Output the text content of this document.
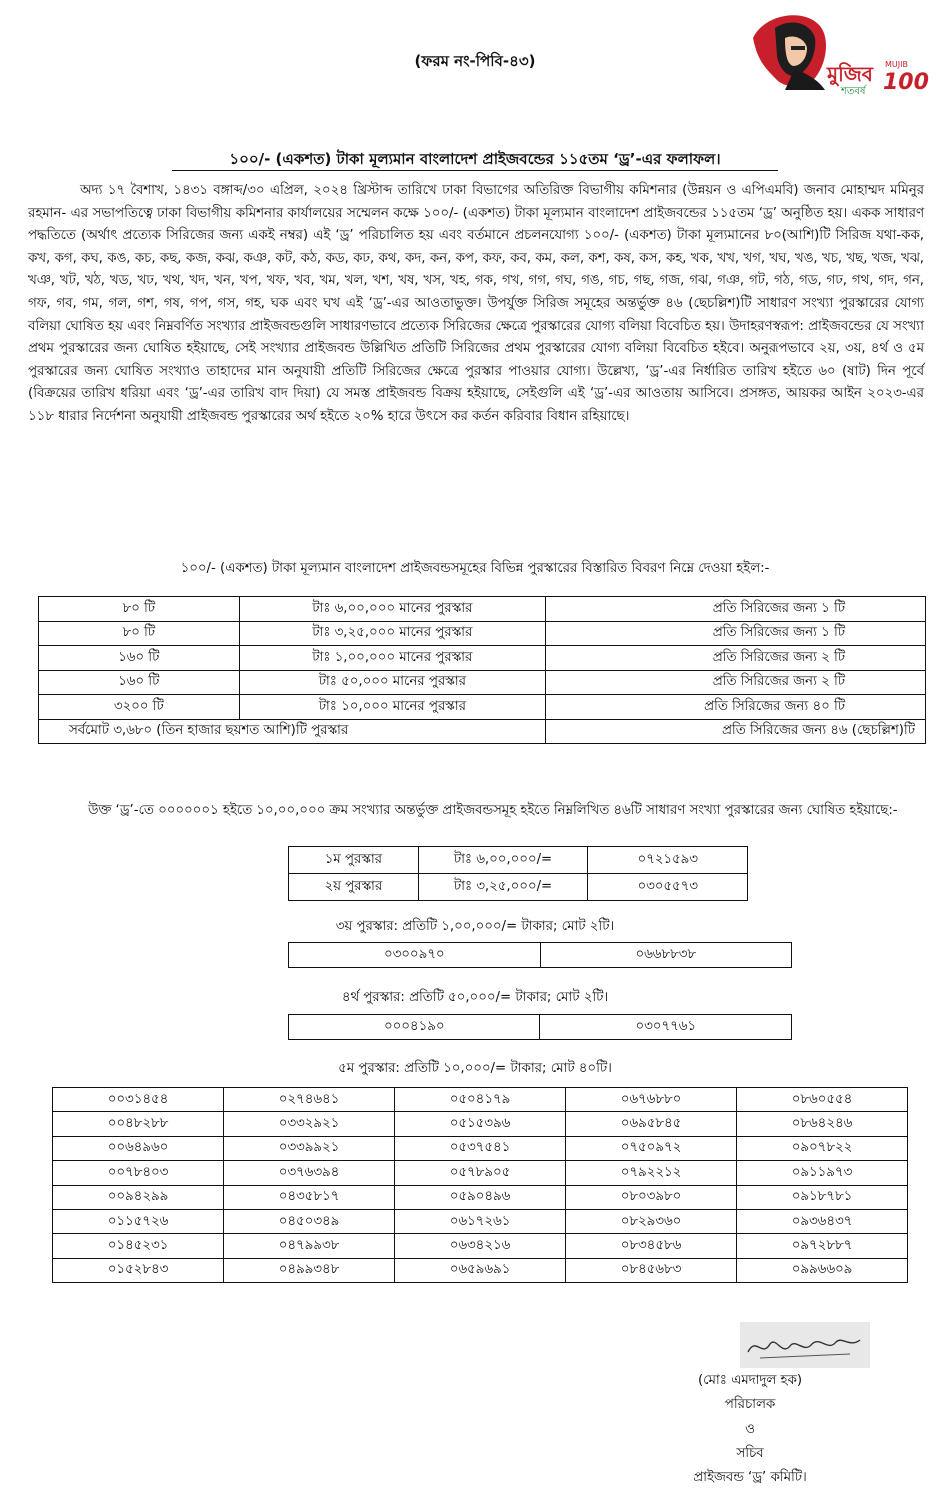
(ফরম নং-পিবি-৪৩)
মুজিব
শতবর্ষ
MUJIB
100
১০০/- (একশত) টাকা মূল্যমান বাংলাদেশ প্রাইজবন্ডের ১১৫তম ‘ড্র’-এর ফলাফল।

অদ্য ১৭ বৈশাখ, ১৪৩১ বঙ্গাব্দ/৩০ এপ্রিল, ২০২৪ খ্রিস্টাব্দ তারিখে ঢাকা বিভাগের অতিরিক্ত বিভাগীয় কমিশনার (উন্নয়ন ও এপিএমবি) জনাব মোহাম্মদ মমিনুর রহমান- এর সভাপতিত্বে ঢাকা বিভাগীয় কমিশনার কার্যালয়ের সম্মেলন কক্ষে ১০০/- (একশত) টাকা মূল্যমান বাংলাদেশ প্রাইজবন্ডের ১১৫তম ‘ড্র’ অনুষ্ঠিত হয়। একক সাধারণ পদ্ধতিতে (অর্থাৎ প্রত্যেক সিরিজের জন্য একই নম্বর) এই ‘ড্র’ পরিচালিত হয় এবং বর্তমানে প্রচলনযোগ্য ১০০/- (একশত) টাকা মূল্যমানের ৮০(আশি)টি সিরিজ যথা-কক, কখ, কগ, কঘ, কঙ, কচ, কছ, কজ, কঝ, কঞ, কট, কঠ, কড, কঢ, কথ, কদ, কন, কপ, কফ, কব, কম, কল, কশ, কষ, কস, কহ, খক, খখ, খগ, খঘ, খঙ, খচ, খছ, খজ, খঝ, খঞ, খট, খঠ, খড, খঢ, খথ, খদ, খন, খপ, খফ, খব, খম, খল, খশ, খষ, খস, খহ, গক, গখ, গগ, গঘ, গঙ, গচ, গছ, গজ, গঝ, গঞ, গট, গঠ, গড, গঢ, গথ, গদ, গন, গফ, গব, গম, গল, গশ, গষ, গপ, গস, গহ, ঘক এবং ঘখ এই ‘ড্র’-এর আওতাভুক্ত। উপর্যুক্ত সিরিজ সমূহের অন্তর্ভুক্ত ৪৬ (ছেচল্লিশ)টি সাধারণ সংখ্যা পুরস্কারের যোগ্য বলিয়া ঘোষিত হয় এবং নিম্নবর্ণিত সংখ্যার প্রাইজবন্ডগুলি সাধারণভাবে প্রত্যেক সিরিজের ক্ষেত্রে পুরস্কারের যোগ্য বলিয়া বিবেচিত হয়। উদাহরণস্বরূপ: প্রাইজবন্ডের যে সংখ্যা প্রথম পুরস্কারের জন্য ঘোষিত হইয়াছে, সেই সংখ্যার প্রাইজবন্ড উল্লিখিত প্রতিটি সিরিজের প্রথম পুরস্কারের যোগ্য বলিয়া বিবেচিত হইবে। অনুরূপভাবে ২য়, ৩য়, ৪র্থ ও ৫ম পুরস্কারের জন্য ঘোষিত সংখ্যাও তাহাদের মান অনুযায়ী প্রতিটি সিরিজের ক্ষেত্রে পুরস্কার পাওয়ার যোগ্য। উল্লেখ্য, ‘ড্র’-এর নির্ধারিত তারিখ হইতে ৬০ (ষাট) দিন পূর্বে (বিক্রয়ের তারিখ ধরিয়া এবং ‘ড্র’-এর তারিখ বাদ দিয়া) যে সমস্ত প্রাইজবন্ড বিক্রয় হইয়াছে, সেইগুলি এই ‘ড্র’-এর আওতায় আসিবে। প্রসঙ্গত, আয়কর আইন ২০২৩-এর ১১৮ ধারার নির্দেশনা অনুযায়ী প্রাইজবন্ড পুরস্কারের অর্থ হইতে ২০% হারে উৎসে কর কর্তন করিবার বিধান রহিয়াছে।

১০০/- (একশত) টাকা মূল্যমান বাংলাদেশ প্রাইজবন্ডসমূহের বিভিন্ন পুরস্কারের বিস্তারিত বিবরণ নিম্নে দেওয়া হইল:-
৮০ টি	টাঃ ৬,০০,০০০ মানের পুরস্কার	প্রতি সিরিজের জন্য ১ টি
৮০ টি	টাঃ ৩,২৫,০০০ মানের পুরস্কার	প্রতি সিরিজের জন্য ১ টি
১৬০ টি	টাঃ ১,০০,০০০ মানের পুরস্কার	প্রতি সিরিজের জন্য ২ টি
১৬০ টি	টাঃ ৫০,০০০ মানের পুরস্কার	প্রতি সিরিজের জন্য ২ টি
৩২০০ টি	টাঃ ১০,০০০ মানের পুরস্কার	প্রতি সিরিজের জন্য ৪০ টি
সর্বমোট ৩,৬৮০ (তিন হাজার ছয়শত আশি)টি পুরস্কার		প্রতি সিরিজের জন্য ৪৬ (ছেচল্লিশ)টি

উক্ত ‘ড্র’-তে ০০০০০০১ হইতে ১০,০০,০০০ ক্রম সংখ্যার অন্তর্ভুক্ত প্রাইজবন্ডসমূহ হইতে নিম্নলিখিত ৪৬টি সাধারণ সংখ্যা পুরস্কারের জন্য ঘোষিত হইয়াছে:-

১ম পুরস্কার	টাঃ ৬,০০,০০০/=	০৭২১৫৯৩
২য় পুরস্কার	টাঃ ৩,২৫,০০০/=	০৩০৫৫৭৩
৩য় পুরস্কার: প্রতিটি ১,০০,০০০/= টাকার; মোট ২টি।
০৩০০৯৭০	০৬৬৮৮৩৮
৪র্থ পুরস্কার: প্রতিটি ৫০,০০০/= টাকার; মোট ২টি।
০০০৪১৯০	০৩০৭৭৬১
৫ম পুরস্কার: প্রতিটি ১০,০০০/= টাকার; মোট ৪০টি।
০০৩১৪৫৪	০২৭৪৬৪১	০৫০৪১৭৯	০৬৭৬৮৮০	০৮৬০৫৫৪
০০৪৮২৮৮	০৩৩২৯২১	০৫১৫৩৯৬	০৬৯৫৮৪৫	০৮৬৪২৪৬
০০৬৪৯৬০	০৩৩৯৯২১	০৫৩৭৫৪১	০৭৫০৯৭২	০৯০৭৮২২
০০৭৮৪০৩	০৩৭৬৩৯৪	০৫৭৮৯০৫	০৭৯২২১২	০৯১১৯৭৩
০০৯৪২৯৯	০৪৩৫৮১৭	০৫৯০৪৯৬	০৮০৩৯৮০	০৯১৮৭৮১
০১১৫৭২৬	০৪৫০৩৪৯	০৬১৭২৬১	০৮২৯৩৬০	০৯৩৬৪৩৭
০১৪৫২৩১	০৪৭৯৯৩৮	০৬৩৪২১৬	০৮৩৪৫৮৬	০৯৭২৮৮৭
০১৫২৮৪৩	০৪৯৯৩৪৮	০৬৫৯৬৯১	০৮৪৫৬৮৩	০৯৯৬৬০৯
(মোঃ এমদাদুল হক)
পরিচালক
ও
সচিব
প্রাইজবন্ড ‘ড্র’ কমিটি।
